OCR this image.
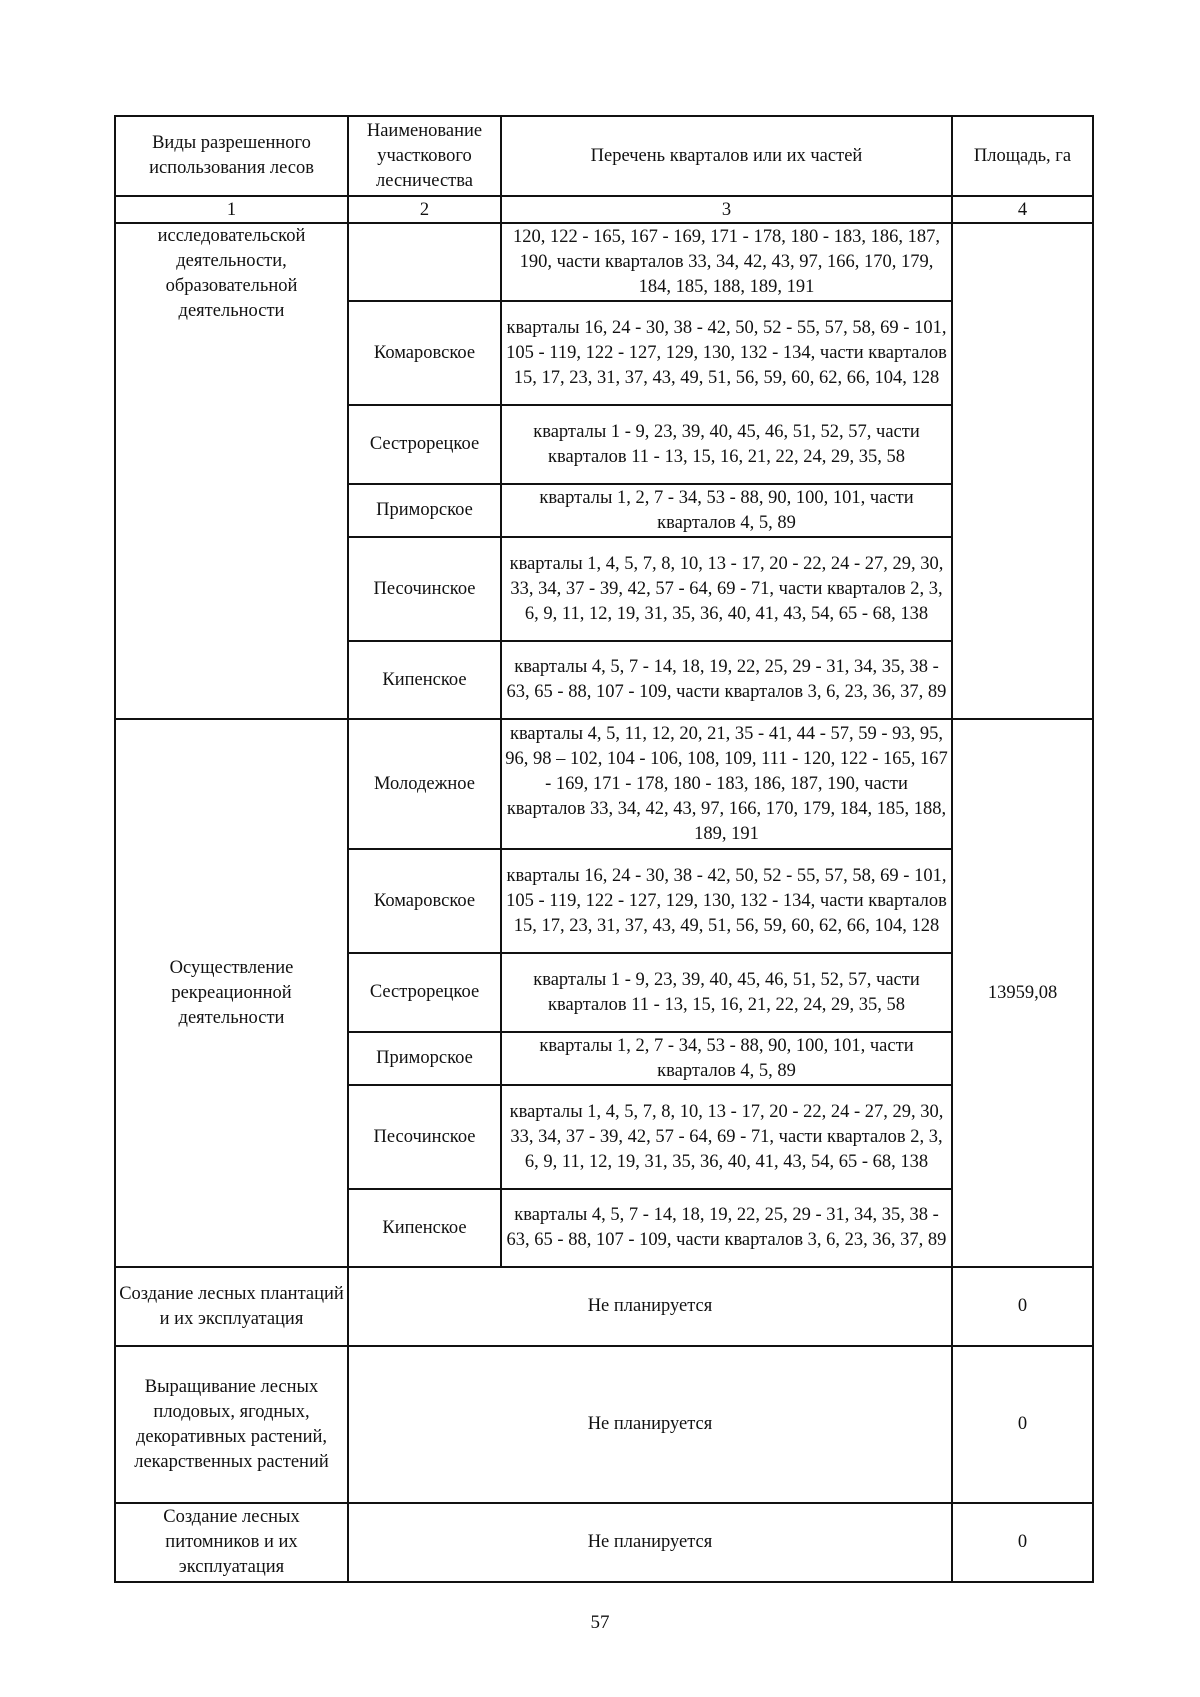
Виды разрешенного использования лесов	Наименование участкового лесничества	Перечень кварталов или их частей	Площадь, га
1	2	3	4
исследовательской деятельности, образовательной деятельности		120, 122 - 165, 167 - 169, 171 - 178, 180 - 183, 186, 187, 190, части кварталов 33, 34, 42, 43, 97, 166, 170, 179, 184, 185, 188, 189, 191	
	Комаровское	кварталы 16, 24 - 30, 38 - 42, 50, 52 - 55, 57, 58, 69 - 101, 105 - 119, 122 - 127, 129, 130, 132 - 134, части кварталов 15, 17, 23, 31, 37, 43, 49, 51, 56, 59, 60, 62, 66, 104, 128	
	Сестрорецкое	кварталы 1 - 9, 23, 39, 40, 45, 46, 51, 52, 57, части кварталов 11 - 13, 15, 16, 21, 22, 24, 29, 35, 58	
	Приморское	кварталы 1, 2, 7 - 34, 53 - 88, 90, 100, 101, части кварталов 4, 5, 89	
	Песочинское	кварталы 1, 4, 5, 7, 8, 10, 13 - 17, 20 - 22, 24 - 27, 29, 30, 33, 34, 37 - 39, 42, 57 - 64, 69 - 71, части кварталов 2, 3, 6, 9, 11, 12, 19, 31, 35, 36, 40, 41, 43, 54, 65 - 68, 138	
	Кипенское	кварталы 4, 5, 7 - 14, 18, 19, 22, 25, 29 - 31, 34, 35, 38 - 63, 65 - 88, 107 - 109, части кварталов 3, 6, 23, 36, 37, 89	
Осуществление рекреационной деятельности	Молодежное	кварталы 4, 5, 11, 12, 20, 21, 35 - 41, 44 - 57, 59 - 93, 95, 96, 98 – 102, 104 - 106, 108, 109, 111 - 120, 122 - 165, 167 - 169, 171 - 178, 180 - 183, 186, 187, 190, части кварталов 33, 34, 42, 43, 97, 166, 170, 179, 184, 185, 188, 189, 191	13959,08
	Комаровское	кварталы 16, 24 - 30, 38 - 42, 50, 52 - 55, 57, 58, 69 - 101, 105 - 119, 122 - 127, 129, 130, 132 - 134, части кварталов 15, 17, 23, 31, 37, 43, 49, 51, 56, 59, 60, 62, 66, 104, 128	
	Сестрорецкое	кварталы 1 - 9, 23, 39, 40, 45, 46, 51, 52, 57, части кварталов 11 - 13, 15, 16, 21, 22, 24, 29, 35, 58	
	Приморское	кварталы 1, 2, 7 - 34, 53 - 88, 90, 100, 101, части кварталов 4, 5, 89	
	Песочинское	кварталы 1, 4, 5, 7, 8, 10, 13 - 17, 20 - 22, 24 - 27, 29, 30, 33, 34, 37 - 39, 42, 57 - 64, 69 - 71, части кварталов 2, 3, 6, 9, 11, 12, 19, 31, 35, 36, 40, 41, 43, 54, 65 - 68, 138	
	Кипенское	кварталы 4, 5, 7 - 14, 18, 19, 22, 25, 29 - 31, 34, 35, 38 - 63, 65 - 88, 107 - 109, части кварталов 3, 6, 23, 36, 37, 89	
Создание лесных плантаций и их эксплуатация	Не планируется		0
Выращивание лесных плодовых, ягодных, декоративных растений, лекарственных растений	Не планируется		0
Создание лесных питомников и их эксплуатация	Не планируется		0
57
